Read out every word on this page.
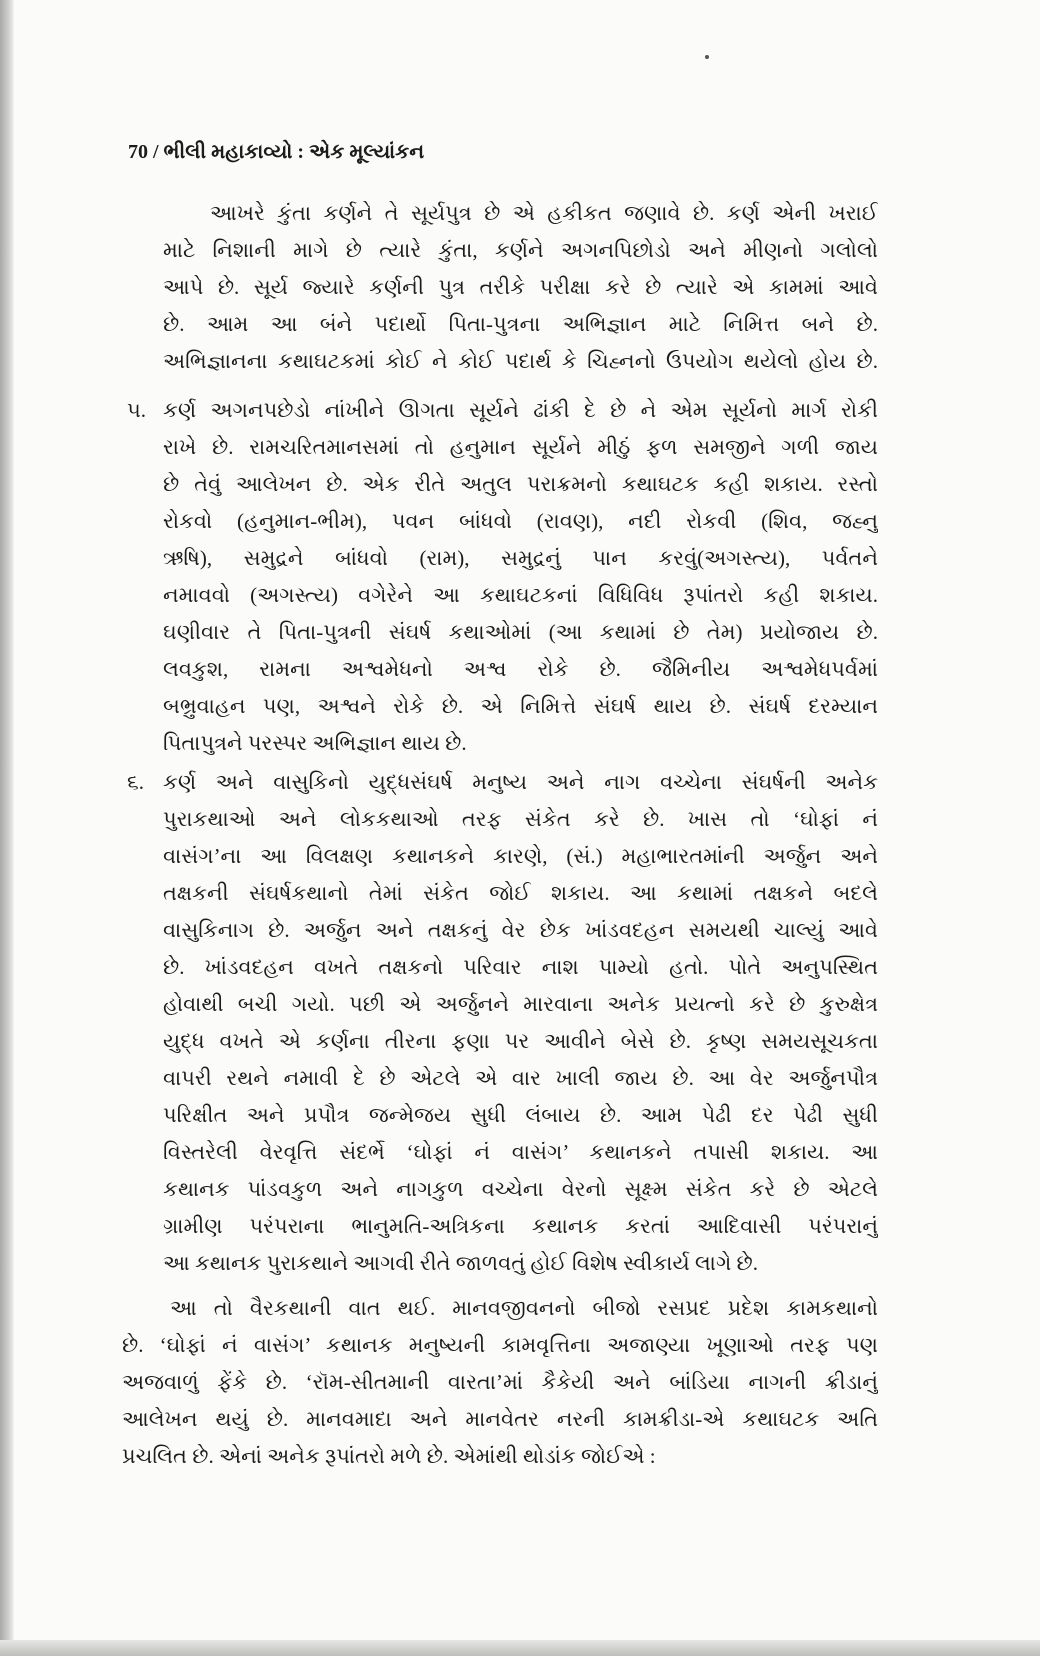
70 / ભીલી મહાકાવ્યો : એક મૂલ્યાંકન
આખરે કુંતા કર્ણને તે સૂર્યપુત્ર છે એ હકીકત જણાવે છે. કર્ણ એની ખરાઈ
માટે નિશાની માગે છે ત્યારે કુંતા, કર્ણને અગનપિછોડો અને મીણનો ગલોલો
આપે છે. સૂર્ય જ્યારે કર્ણની પુત્ર તરીકે પરીક્ષા કરે છે ત્યારે એ કામમાં આવે
છે. આમ આ બંને પદાર્થો પિતા-પુત્રના અભિજ્ઞાન માટે નિમિત્ત બને છે.
અભિજ્ઞાનના કથાઘટકમાં કોઈ ને કોઈ પદાર્થ કે ચિહ્નનો ઉપયોગ થયેલો હોય છે.
૫. કર્ણ અગનપછેડો નાંખીને ઊગતા સૂર્યને ઢાંકી દે છે ને એમ સૂર્યનો માર્ગ રોકી
રાખે છે. રામચરિતમાનસમાં તો હનુમાન સૂર્યને મીઠું ફળ સમજીને ગળી જાય
છે તેવું આલેખન છે. એક રીતે અતુલ પરાક્રમનો કથાઘટક કહી શકાય. રસ્તો
રોકવો (હનુમાન-ભીમ), પવન બાંધવો (રાવણ), નદી રોકવી (શિવ, જહ્નુ
ઋષિ), સમુદ્રને બાંધવો (રામ), સમુદ્રનું પાન કરવું(અગસ્ત્ય), પર્વતને
નમાવવો (અગસ્ત્ય) વગેરેને આ કથાઘટકનાં વિધિવિધ રૂપાંતરો કહી શકાય.
ઘણીવાર તે પિતા-પુત્રની સંઘર્ષ કથાઓમાં (આ કથામાં છે તેમ) પ્રયોજાય છે.
લવકુશ, રામના અશ્વમેધનો અશ્વ રોકે છે. જૈમિનીય અશ્વમેધપર્વમાં
બભ્રુવાહન પણ, અશ્વને રોકે છે. એ નિમિત્તે સંઘર્ષ થાય છે. સંઘર્ષ દરમ્યાન
પિતાપુત્રને પરસ્પર અભિજ્ઞાન થાય છે.
૬. કર્ણ અને વાસુકિનો યુદ્ધસંઘર્ષ મનુષ્ય અને નાગ વચ્ચેના સંઘર્ષની અનેક
પુરાકથાઓ અને લોકકથાઓ તરફ સંકેત કરે છે. ખાસ તો ‘ઘોફાં નં
વાસંગ’ના આ વિલક્ષણ કથાનકને કારણે, (સં.) મહાભારતમાંની અર્જુન અને
તક્ષકની સંઘર્ષકથાનો તેમાં સંકેત જોઈ શકાય. આ કથામાં તક્ષકને બદલે
વાસુકિનાગ છે. અર્જુન અને તક્ષકનું વેર છેક ખાંડવદહન સમયથી ચાલ્યું આવે
છે. ખાંડવદહન વખતે તક્ષકનો પરિવાર નાશ પામ્યો હતો. પોતે અનુપસ્થિત
હોવાથી બચી ગયો. પછી એ અર્જુનને મારવાના અનેક પ્રયત્નો કરે છે કુરુક્ષેત્ર
યુદ્ધ વખતે એ કર્ણના તીરના ફણા પર આવીને બેસે છે. કૃષ્ણ સમયસૂચકતા
વાપરી રથને નમાવી દે છે એટલે એ વાર ખાલી જાય છે. આ વેર અર્જુનપૌત્ર
પરિક્ષીત અને પ્રપૌત્ર જન્મેજય સુધી લંબાય છે. આમ પેઢી દર પેઢી સુધી
વિસ્તરેલી વેરવૃત્તિ સંદર્ભે ‘ઘોફાં નં વાસંગ’ કથાનકને તપાસી શકાય. આ
કથાનક પાંડવકુળ અને નાગકુળ વચ્ચેના વેરનો સૂક્ષ્મ સંકેત કરે છે એટલે
ગ્રામીણ પરંપરાના ભાનુમતિ-અત્રિકના કથાનક કરતાં આદિવાસી પરંપરાનું
આ કથાનક પુરાકથાને આગવી રીતે જાળવતું હોઈ વિશેષ સ્વીકાર્ય લાગે છે.
આ તો વૈરકથાની વાત થઈ. માનવજીવનનો બીજો રસપ્રદ પ્રદેશ કામકથાનો
છે. ‘ઘોફાં નં વાસંગ’ કથાનક મનુષ્યની કામવૃત્તિના અજાણ્યા ખૂણાઓ તરફ પણ
અજવાળું ફેંકે છે. ‘રૉમ-સીતમાની વારતા’માં કૈકેયી અને બાંડિયા નાગની ક્રીડાનું
આલેખન થયું છે. માનવમાદા અને માનવેતર નરની કામક્રીડા-એ કથાઘટક અતિ
પ્રચલિત છે. એનાં અનેક રૂપાંતરો મળે છે. એમાંથી થોડાંક જોઈએ :
